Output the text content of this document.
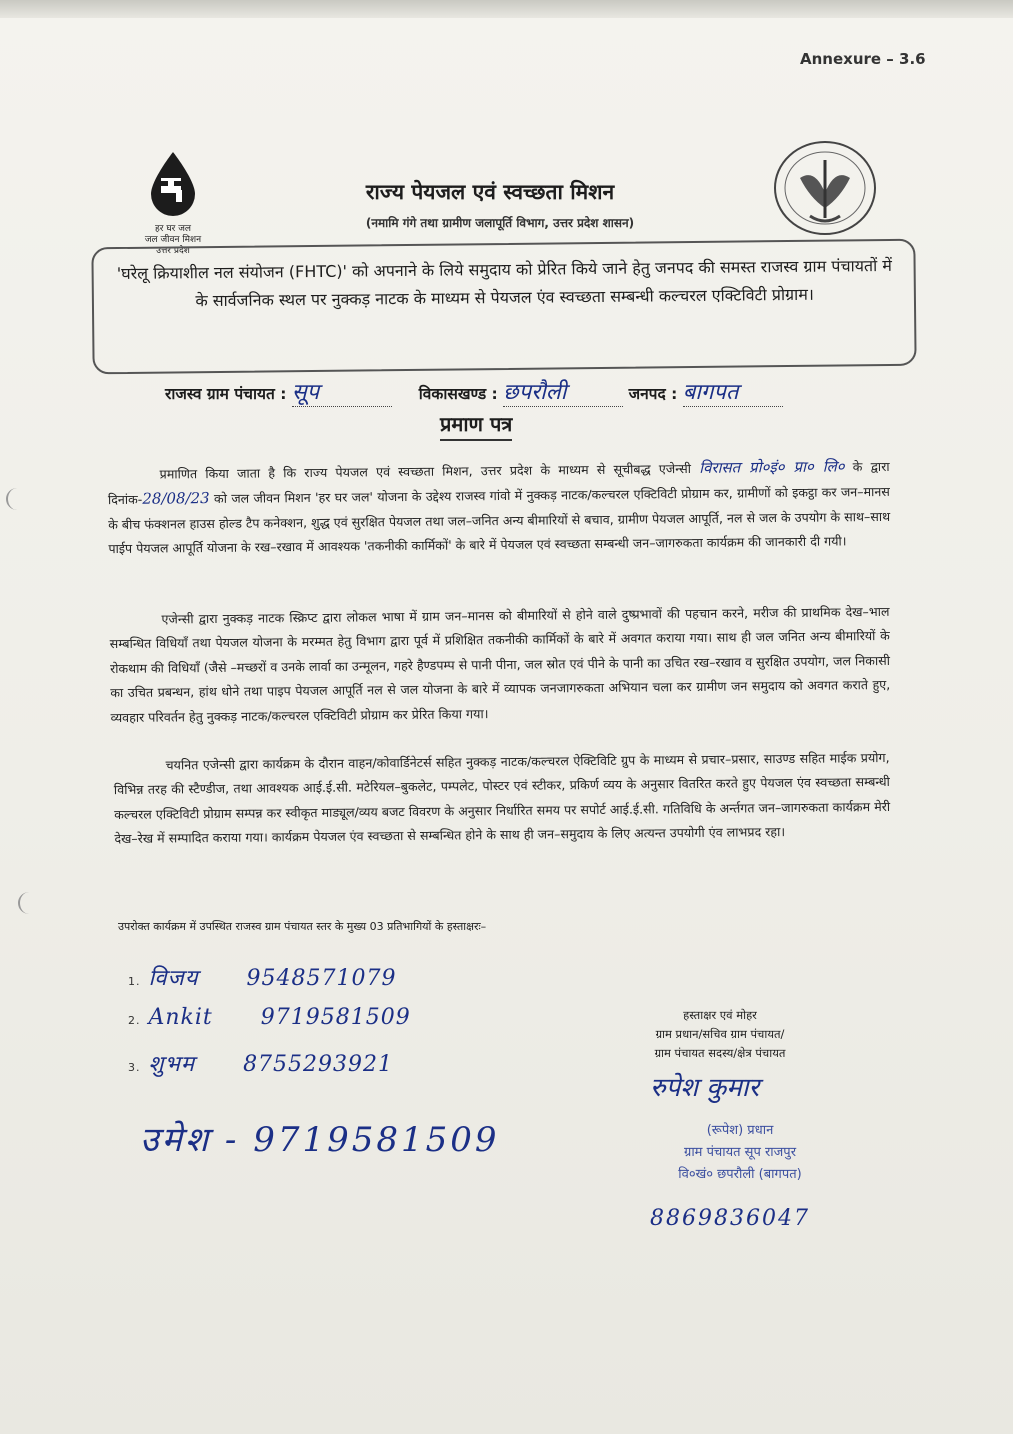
Annexure – 3.6
हर घर जल
जल जीवन मिशन
उत्तर प्रदेश
राज्य पेयजल एवं स्वच्छता मिशन
(नमामि गंगे तथा ग्रामीण जलापूर्ति विभाग, उत्तर प्रदेश शासन)
'घरेलू क्रियाशील नल संयोजन (FHTC)' को अपनाने के लिये समुदाय को प्रेरित किये जाने हेतु जनपद की समस्त राजस्व ग्राम पंचायतों में के सार्वजनिक स्थल पर नुक्कड़ नाटक के माध्यम से पेयजल एंव स्वच्छता सम्बन्धी कल्चरल एक्टिविटी प्रोग्राम।
राजस्व ग्राम पंचायत : सूप	विकासखण्ड : छपरौली	जनपद : बागपत
प्रमाण पत्र
प्रमाणित किया जाता है कि राज्य पेयजल एवं स्वच्छता मिशन, उत्तर प्रदेश के माध्यम से सूचीबद्ध एजेन्सी विरासत प्रो०इं० प्रा० लि० के द्वारा दिनांक-28/08/23 को जल जीवन मिशन 'हर घर जल' योजना के उद्देश्य राजस्व गांवो में नुक्कड़ नाटक/कल्चरल एक्टिविटी प्रोग्राम कर, ग्रामीणों को इकट्ठा कर जन–मानस के बीच फंक्शनल हाउस होल्ड टैप कनेक्शन, शुद्ध एवं सुरक्षित पेयजल तथा जल–जनित अन्य बीमारियों से बचाव, ग्रामीण पेयजल आपूर्ति, नल से जल के उपयोग के साथ–साथ पाईप पेयजल आपूर्ति योजना के रख–रखाव में आवश्यक 'तकनीकी कार्मिकों' के बारे में पेयजल एवं स्वच्छता सम्बन्धी जन–जागरुकता कार्यक्रम की जानकारी दी गयी।
एजेन्सी द्वारा नुक्कड़ नाटक स्क्रिप्ट द्वारा लोकल भाषा में ग्राम जन–मानस को बीमारियों से होने वाले दुष्प्रभावों की पहचान करने, मरीज की प्राथमिक देख–भाल सम्बन्धित विधियाँ तथा पेयजल योजना के मरम्मत हेतु विभाग द्वारा पूर्व में प्रशिक्षित तकनीकी कार्मिकों के बारे में अवगत कराया गया। साथ ही जल जनित अन्य बीमारियों के रोकथाम की विधियाँ (जैसे –मच्छरों व उनके लार्वा का उन्मूलन, गहरे हैण्डपम्प से पानी पीना, जल स्रोत एवं पीने के पानी का उचित रख–रखाव व सुरक्षित उपयोग, जल निकासी का उचित प्रबन्धन, हांथ धोने तथा पाइप पेयजल आपूर्ति नल से जल योजना के बारे में व्यापक जनजागरुकता अभियान चला कर ग्रामीण जन समुदाय को अवगत कराते हुए, व्यवहार परिवर्तन हेतु नुक्कड़ नाटक/कल्चरल एक्टिविटी प्रोग्राम कर प्रेरित किया गया।
चयनित एजेन्सी द्वारा कार्यक्रम के दौरान वाहन/कोवार्डिनेटर्स सहित नुक्कड़ नाटक/कल्चरल ऐक्टिविटि ग्रुप के माध्यम से प्रचार–प्रसार, साउण्ड सहित माईक प्रयोग, विभिन्न तरह की स्टैण्डीज, तथा आवश्यक आई.ई.सी. मटेरियल–बुकलेट, पम्पलेट, पोस्टर एवं स्टीकर, प्रकिर्ण व्यय के अनुसार वितरित करते हुए पेयजल एंव स्वच्छता सम्बन्धी कल्चरल एक्टिविटी प्रोग्राम सम्पन्न कर स्वीकृत माड्यूल/व्यय बजट विवरण के अनुसार निर्धारित समय पर सपोर्ट आई.ई.सी. गतिविधि के अर्न्तगत जन–जागरुकता कार्यक्रम मेरी देख–रेख में सम्पादित कराया गया। कार्यक्रम पेयजल एंव स्वच्छता से सम्बन्धित होने के साथ ही जन–समुदाय के लिए अत्यन्त उपयोगी एंव लाभप्रद रहा।
उपरोक्त कार्यक्रम में उपस्थित राजस्व ग्राम पंचायत स्तर के मुख्य 03 प्रतिभागियों के हस्ताक्षरः–
1. विजय 9548571079
2. Ankit 9719581509
3. शुभम 8755293921
उमेश - 9719581509
हस्ताक्षर एवं मोहर
ग्राम प्रधान/सचिव ग्राम पंचायत/
ग्राम पंचायत सदस्य/क्षेत्र पंचायत
रुपेश कुमार
(रूपेश) प्रधान
ग्राम पंचायत सूप राजपुर
वि०खं० छपरौली (बागपत)
8869836047
